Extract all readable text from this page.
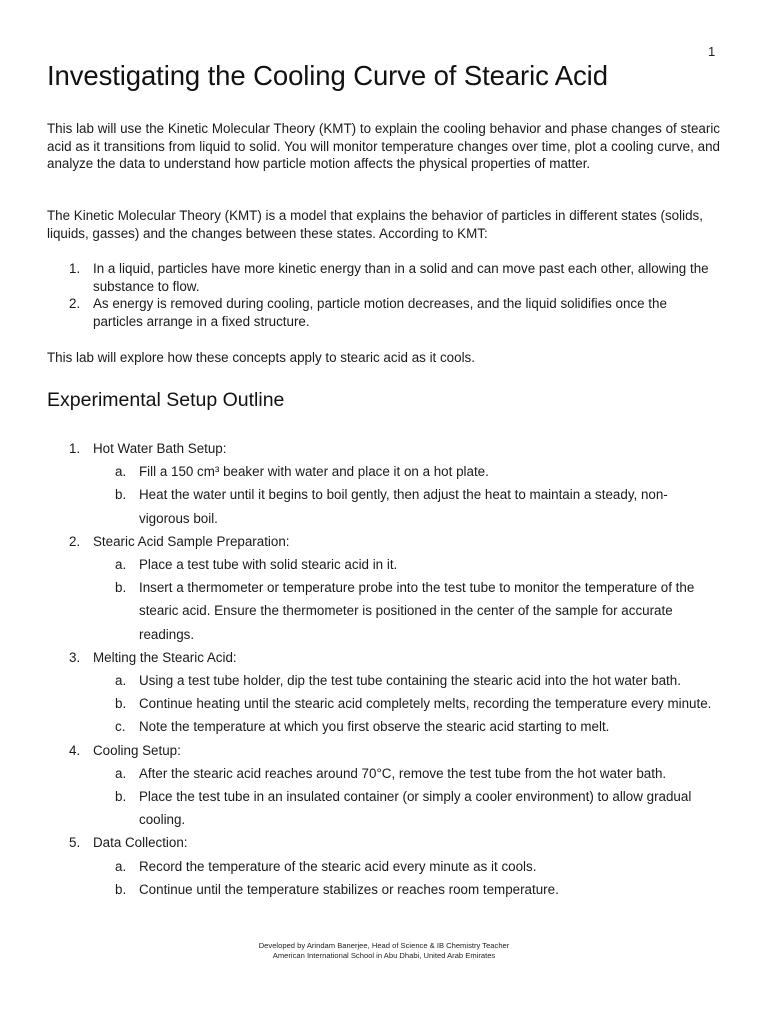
1
Investigating the Cooling Curve of Stearic Acid

This lab will use the Kinetic Molecular Theory (KMT) to explain the cooling behavior and phase changes of stearic acid as it transitions from liquid to solid. You will monitor temperature changes over time, plot a cooling curve, and analyze the data to understand how particle motion affects the physical properties of matter.

The Kinetic Molecular Theory (KMT) is a model that explains the behavior of particles in different states (solids, liquids, gasses) and the changes between these states. According to KMT:

1. In a liquid, particles have more kinetic energy than in a solid and can move past each other, allowing the substance to flow.
2. As energy is removed during cooling, particle motion decreases, and the liquid solidifies once the particles arrange in a fixed structure.

This lab will explore how these concepts apply to stearic acid as it cools.

Experimental Setup Outline
1. Hot Water Bath Setup:
a. Fill a 150 cm³ beaker with water and place it on a hot plate.
b. Heat the water until it begins to boil gently, then adjust the heat to maintain a steady, non-vigorous boil.
2. Stearic Acid Sample Preparation:
a. Place a test tube with solid stearic acid in it.
b. Insert a thermometer or temperature probe into the test tube to monitor the temperature of the stearic acid. Ensure the thermometer is positioned in the center of the sample for accurate readings.
3. Melting the Stearic Acid:
a. Using a test tube holder, dip the test tube containing the stearic acid into the hot water bath.
b. Continue heating until the stearic acid completely melts, recording the temperature every minute.
c. Note the temperature at which you first observe the stearic acid starting to melt.
4. Cooling Setup:
a. After the stearic acid reaches around 70°C, remove the test tube from the hot water bath.
b. Place the test tube in an insulated container (or simply a cooler environment) to allow gradual cooling.
5. Data Collection:
a. Record the temperature of the stearic acid every minute as it cools.
b. Continue until the temperature stabilizes or reaches room temperature.
Developed by Arindam Banerjee, Head of Science & IB Chemistry Teacher
American International School in Abu Dhabi, United Arab Emirates
